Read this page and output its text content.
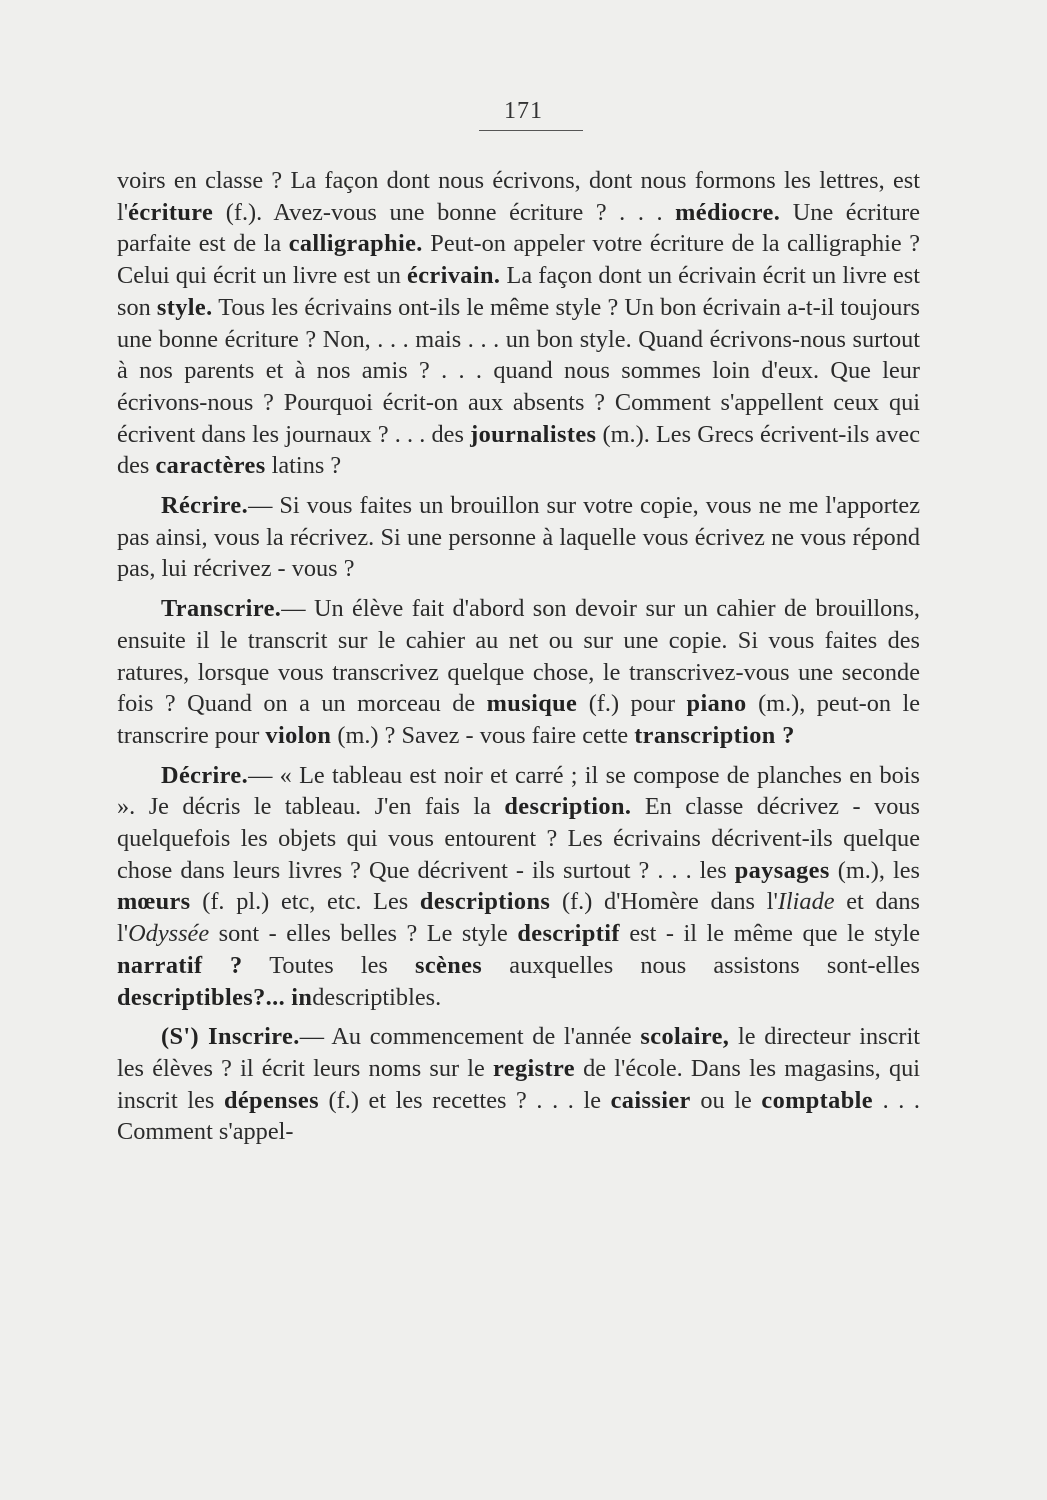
171

voirs en classe ? La façon dont nous écrivons, dont nous formons les lettres, est l'écriture (f.). Avez-vous une bonne écriture ? . . . médiocre. Une écriture parfaite est de la calligraphie. Peut-on appeler votre écriture de la calligraphie ? Celui qui écrit un livre est un écrivain. La façon dont un écrivain écrit un livre est son style. Tous les écrivains ont-ils le même style ? Un bon écrivain a-t-il toujours une bonne écriture ? Non, . . . mais . . . un bon style. Quand écrivons-nous surtout à nos parents et à nos amis ? . . . quand nous sommes loin d'eux. Que leur écrivons-nous ? Pourquoi écrit-on aux absents ? Comment s'appellent ceux qui écrivent dans les journaux ? . . . des journalistes (m.). Les Grecs écrivent-ils avec des caractères latins ?

Récrire.— Si vous faites un brouillon sur votre copie, vous ne me l'apportez pas ainsi, vous la récrivez. Si une personne à laquelle vous écrivez ne vous répond pas, lui récrivez - vous ?

Transcrire.— Un élève fait d'abord son devoir sur un cahier de brouillons, ensuite il le transcrit sur le cahier au net ou sur une copie. Si vous faites des ratures, lorsque vous transcrivez quelque chose, le transcrivez-vous une seconde fois ? Quand on a un morceau de musique (f.) pour piano (m.), peut-on le transcrire pour violon (m.) ? Savez - vous faire cette transcription ?

Décrire.— « Le tableau est noir et carré ; il se compose de planches en bois ». Je décris le tableau. J'en fais la description. En classe décrivez - vous quelquefois les objets qui vous entourent ? Les écrivains décrivent-ils quelque chose dans leurs livres ? Que décrivent - ils surtout ? . . . les paysages (m.), les mœurs (f. pl.) etc, etc. Les descriptions (f.) d'Homère dans l'Iliade et dans l'Odyssée sont - elles belles ? Le style descriptif est - il le même que le style narratif ? Toutes les scènes auxquelles nous assistons sont-elles descriptibles?... indescriptibles.

(S') Inscrire.— Au commencement de l'année scolaire, le directeur inscrit les élèves ? il écrit leurs noms sur le registre de l'école. Dans les magasins, qui inscrit les dépenses (f.) et les recettes ? . . . le caissier ou le comptable . . . Comment s'appel-
